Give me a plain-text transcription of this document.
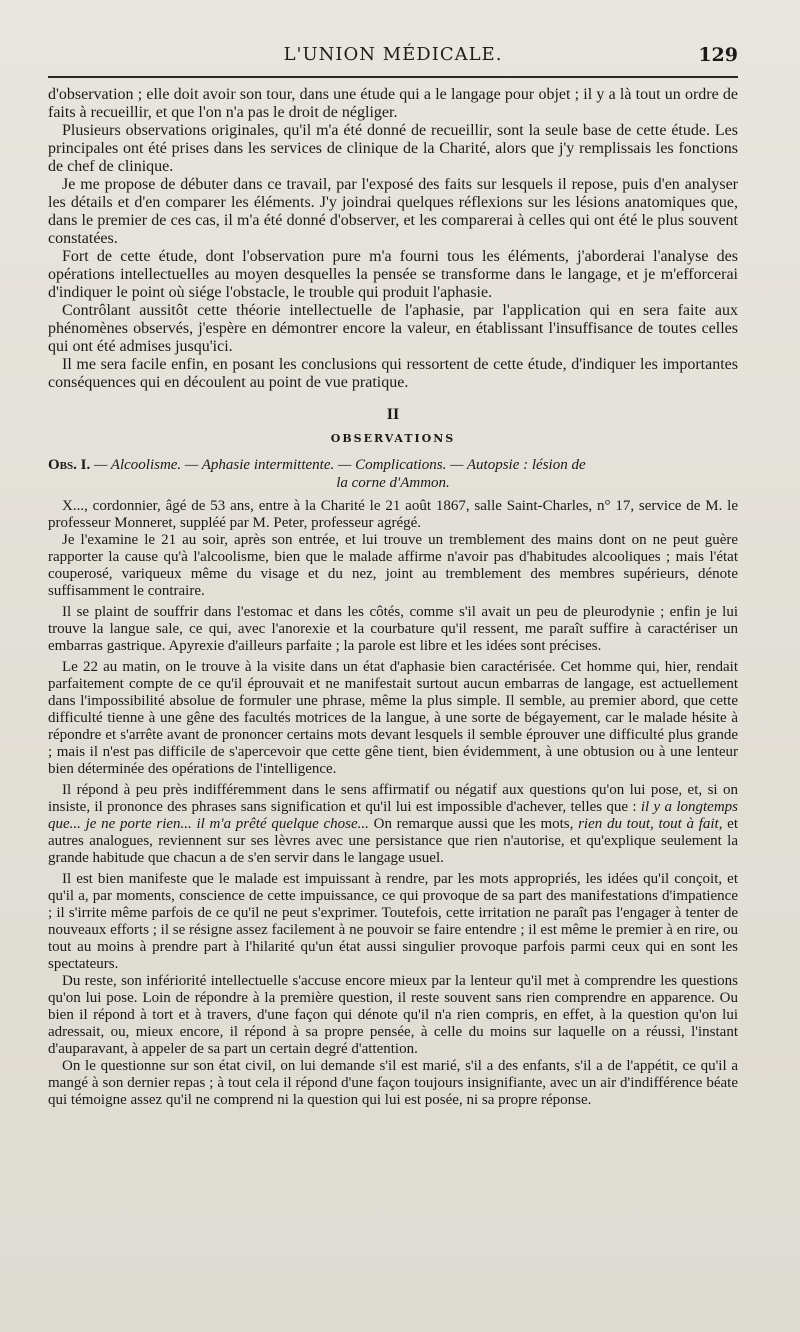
L'UNION MÉDICALE.	129

d'observation ; elle doit avoir son tour, dans une étude qui a le langage pour objet ; il y a là tout un ordre de faits à recueillir, et que l'on n'a pas le droit de négliger.

Plusieurs observations originales, qu'il m'a été donné de recueillir, sont la seule base de cette étude. Les principales ont été prises dans les services de clinique de la Charité, alors que j'y remplissais les fonctions de chef de clinique.

Je me propose de débuter dans ce travail, par l'exposé des faits sur lesquels il repose, puis d'en analyser les détails et d'en comparer les éléments. J'y joindrai quelques réflexions sur les lésions anatomiques que, dans le premier de ces cas, il m'a été donné d'observer, et les comparerai à celles qui ont été le plus souvent constatées.

Fort de cette étude, dont l'observation pure m'a fourni tous les éléments, j'aborderai l'analyse des opérations intellectuelles au moyen desquelles la pensée se transforme dans le langage, et je m'efforcerai d'indiquer le point où siége l'obstacle, le trouble qui produit l'aphasie.

Contrôlant aussitôt cette théorie intellectuelle de l'aphasie, par l'application qui en sera faite aux phénomènes observés, j'espère en démontrer encore la valeur, en établissant l'insuffisance de toutes celles qui ont été admises jusqu'ici.

Il me sera facile enfin, en posant les conclusions qui ressortent de cette étude, d'indiquer les importantes conséquences qui en découlent au point de vue pratique.

II
OBSERVATIONS
Obs. I. — Alcoolisme. — Aphasie intermittente. — Complications. — Autopsie : lésion de
la corne d'Ammon.

X..., cordonnier, âgé de 53 ans, entre à la Charité le 21 août 1867, salle Saint-Charles, n° 17, service de M. le professeur Monneret, suppléé par M. Peter, professeur agrégé.

Je l'examine le 21 au soir, après son entrée, et lui trouve un tremblement des mains dont on ne peut guère rapporter la cause qu'à l'alcoolisme, bien que le malade affirme n'avoir pas d'habitudes alcooliques ; mais l'état couperosé, variqueux même du visage et du nez, joint au tremblement des membres supérieurs, dénote suffisamment le contraire.

Il se plaint de souffrir dans l'estomac et dans les côtés, comme s'il avait un peu de pleurodynie ; enfin je lui trouve la langue sale, ce qui, avec l'anorexie et la courbature qu'il ressent, me paraît suffire à caractériser un embarras gastrique. Apyrexie d'ailleurs parfaite ; la parole est libre et les idées sont précises.

Le 22 au matin, on le trouve à la visite dans un état d'aphasie bien caractérisée. Cet homme qui, hier, rendait parfaitement compte de ce qu'il éprouvait et ne manifestait surtout aucun embarras de langage, est actuellement dans l'impossibilité absolue de formuler une phrase, même la plus simple. Il semble, au premier abord, que cette difficulté tienne à une gêne des facultés motrices de la langue, à une sorte de bégayement, car le malade hésite à répondre et s'arrête avant de prononcer certains mots devant lesquels il semble éprouver une difficulté plus grande ; mais il n'est pas difficile de s'apercevoir que cette gêne tient, bien évidemment, à une obtusion ou à une lenteur bien déterminée des opérations de l'intelligence.

Il répond à peu près indifféremment dans le sens affirmatif ou négatif aux questions qu'on lui pose, et, si on insiste, il prononce des phrases sans signification et qu'il lui est impossible d'achever, telles que : il y a longtemps que... je ne porte rien... il m'a prêté quelque chose... On remarque aussi que les mots, rien du tout, tout à fait, et autres analogues, reviennent sur ses lèvres avec une persistance que rien n'autorise, et qu'explique seulement la grande habitude que chacun a de s'en servir dans le langage usuel.

Il est bien manifeste que le malade est impuissant à rendre, par les mots appropriés, les idées qu'il conçoit, et qu'il a, par moments, conscience de cette impuissance, ce qui provoque de sa part des manifestations d'impatience ; il s'irrite même parfois de ce qu'il ne peut s'exprimer. Toutefois, cette irritation ne paraît pas l'engager à tenter de nouveaux efforts ; il se résigne assez facilement à ne pouvoir se faire entendre ; il est même le premier à en rire, ou tout au moins à prendre part à l'hilarité qu'un état aussi singulier provoque parfois parmi ceux qui en sont les spectateurs.

Du reste, son infériorité intellectuelle s'accuse encore mieux par la lenteur qu'il met à comprendre les questions qu'on lui pose. Loin de répondre à la première question, il reste souvent sans rien comprendre en apparence. Ou bien il répond à tort et à travers, d'une façon qui dénote qu'il n'a rien compris, en effet, à la question qu'on lui adressait, ou, mieux encore, il répond à sa propre pensée, à celle du moins sur laquelle on a réussi, l'instant d'auparavant, à appeler de sa part un certain degré d'attention.

On le questionne sur son état civil, on lui demande s'il est marié, s'il a des enfants, s'il a de l'appétit, ce qu'il a mangé à son dernier repas ; à tout cela il répond d'une façon toujours insignifiante, avec un air d'indifférence béate qui témoigne assez qu'il ne comprend ni la question qui lui est posée, ni sa propre réponse.
